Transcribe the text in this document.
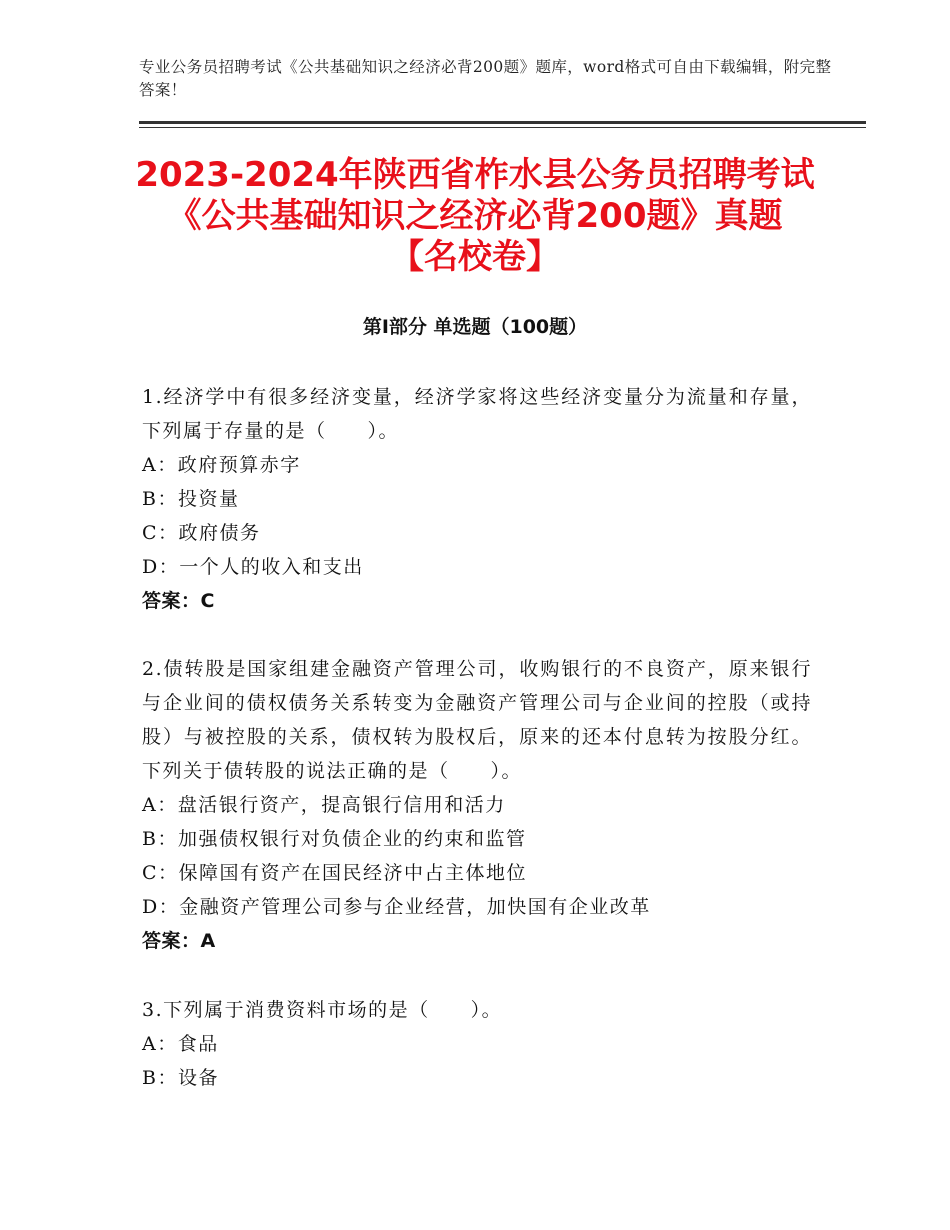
专业公务员招聘考试《公共基础知识之经济必背200题》题库，word格式可自由下载编辑，附完整答案！
2023-2024年陕西省柞水县公务员招聘考试
《公共基础知识之经济必背200题》真题
【名校卷】
第Ⅰ部分 单选题（100题）

1.经济学中有很多经济变量，经济学家将这些经济变量分为流量和存量，下列属于存量的是（　　）。

A：政府预算赤字

B：投资量

C：政府债务

D：一个人的收入和支出

答案：C

2.债转股是国家组建金融资产管理公司，收购银行的不良资产，原来银行与企业间的债权债务关系转变为金融资产管理公司与企业间的控股（或持股）与被控股的关系，债权转为股权后，原来的还本付息转为按股分红。下列关于债转股的说法正确的是（　　）。

A：盘活银行资产，提高银行信用和活力

B：加强债权银行对负债企业的约束和监管

C：保障国有资产在国民经济中占主体地位

D：金融资产管理公司参与企业经营，加快国有企业改革

答案：A

3.下列属于消费资料市场的是（　　）。

A：食品

B：设备
